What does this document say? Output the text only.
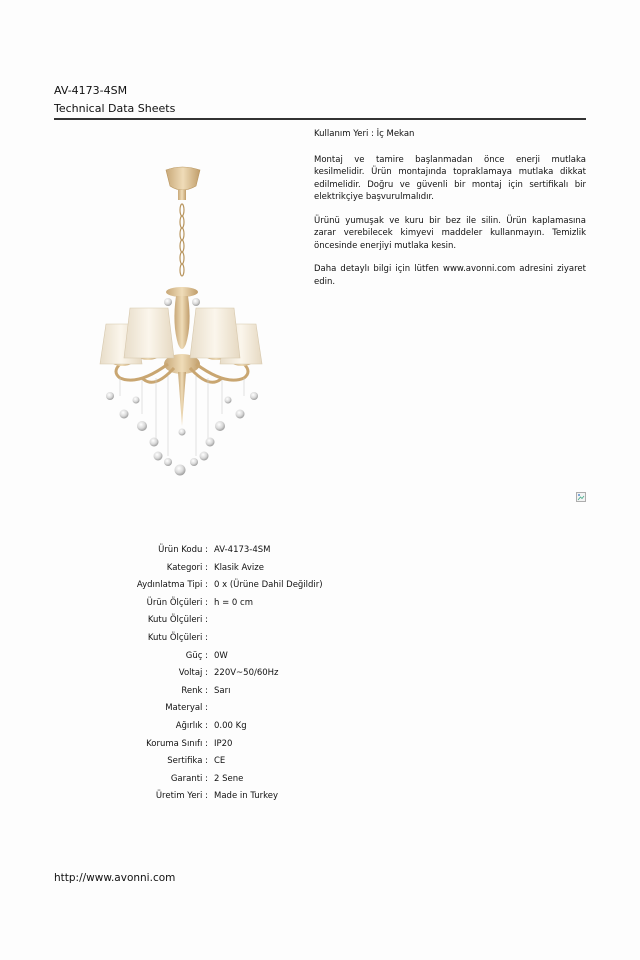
AV-4173-4SM
Technical Data Sheets

Kullanım Yeri : İç Mekan

Montaj ve tamire başlanmadan önce enerji mutlaka kesilmelidir. Ürün montajında topraklamaya mutlaka dikkat edilmelidir. Doğru ve güvenli bir montaj için sertifikalı bir elektrikçiye başvurulmalıdır.

Ürünü yumuşak ve kuru bir bez ile silin. Ürün kaplamasına zarar verebilecek kimyevi maddeler kullanmayın. Temizlik öncesinde enerjiyi mutlaka kesin.

Daha detaylı bilgi için lütfen www.avonni.com adresini ziyaret edin.

Ürün Kodu : AV-4173-4SM
Kategori : Klasik Avize
Aydınlatma Tipi : 0 x (Ürüne Dahil Değildir)
Ürün Ölçüleri : h = 0 cm
Kutu Ölçüleri :
Kutu Ölçüleri :
Güç : 0W
Voltaj : 220V~50/60Hz
Renk : Sarı
Materyal :
Ağırlık : 0.00 Kg
Koruma Sınıfı : IP20
Sertifika : CE
Garanti : 2 Sene
Üretim Yeri : Made in Turkey
http://www.avonni.com
